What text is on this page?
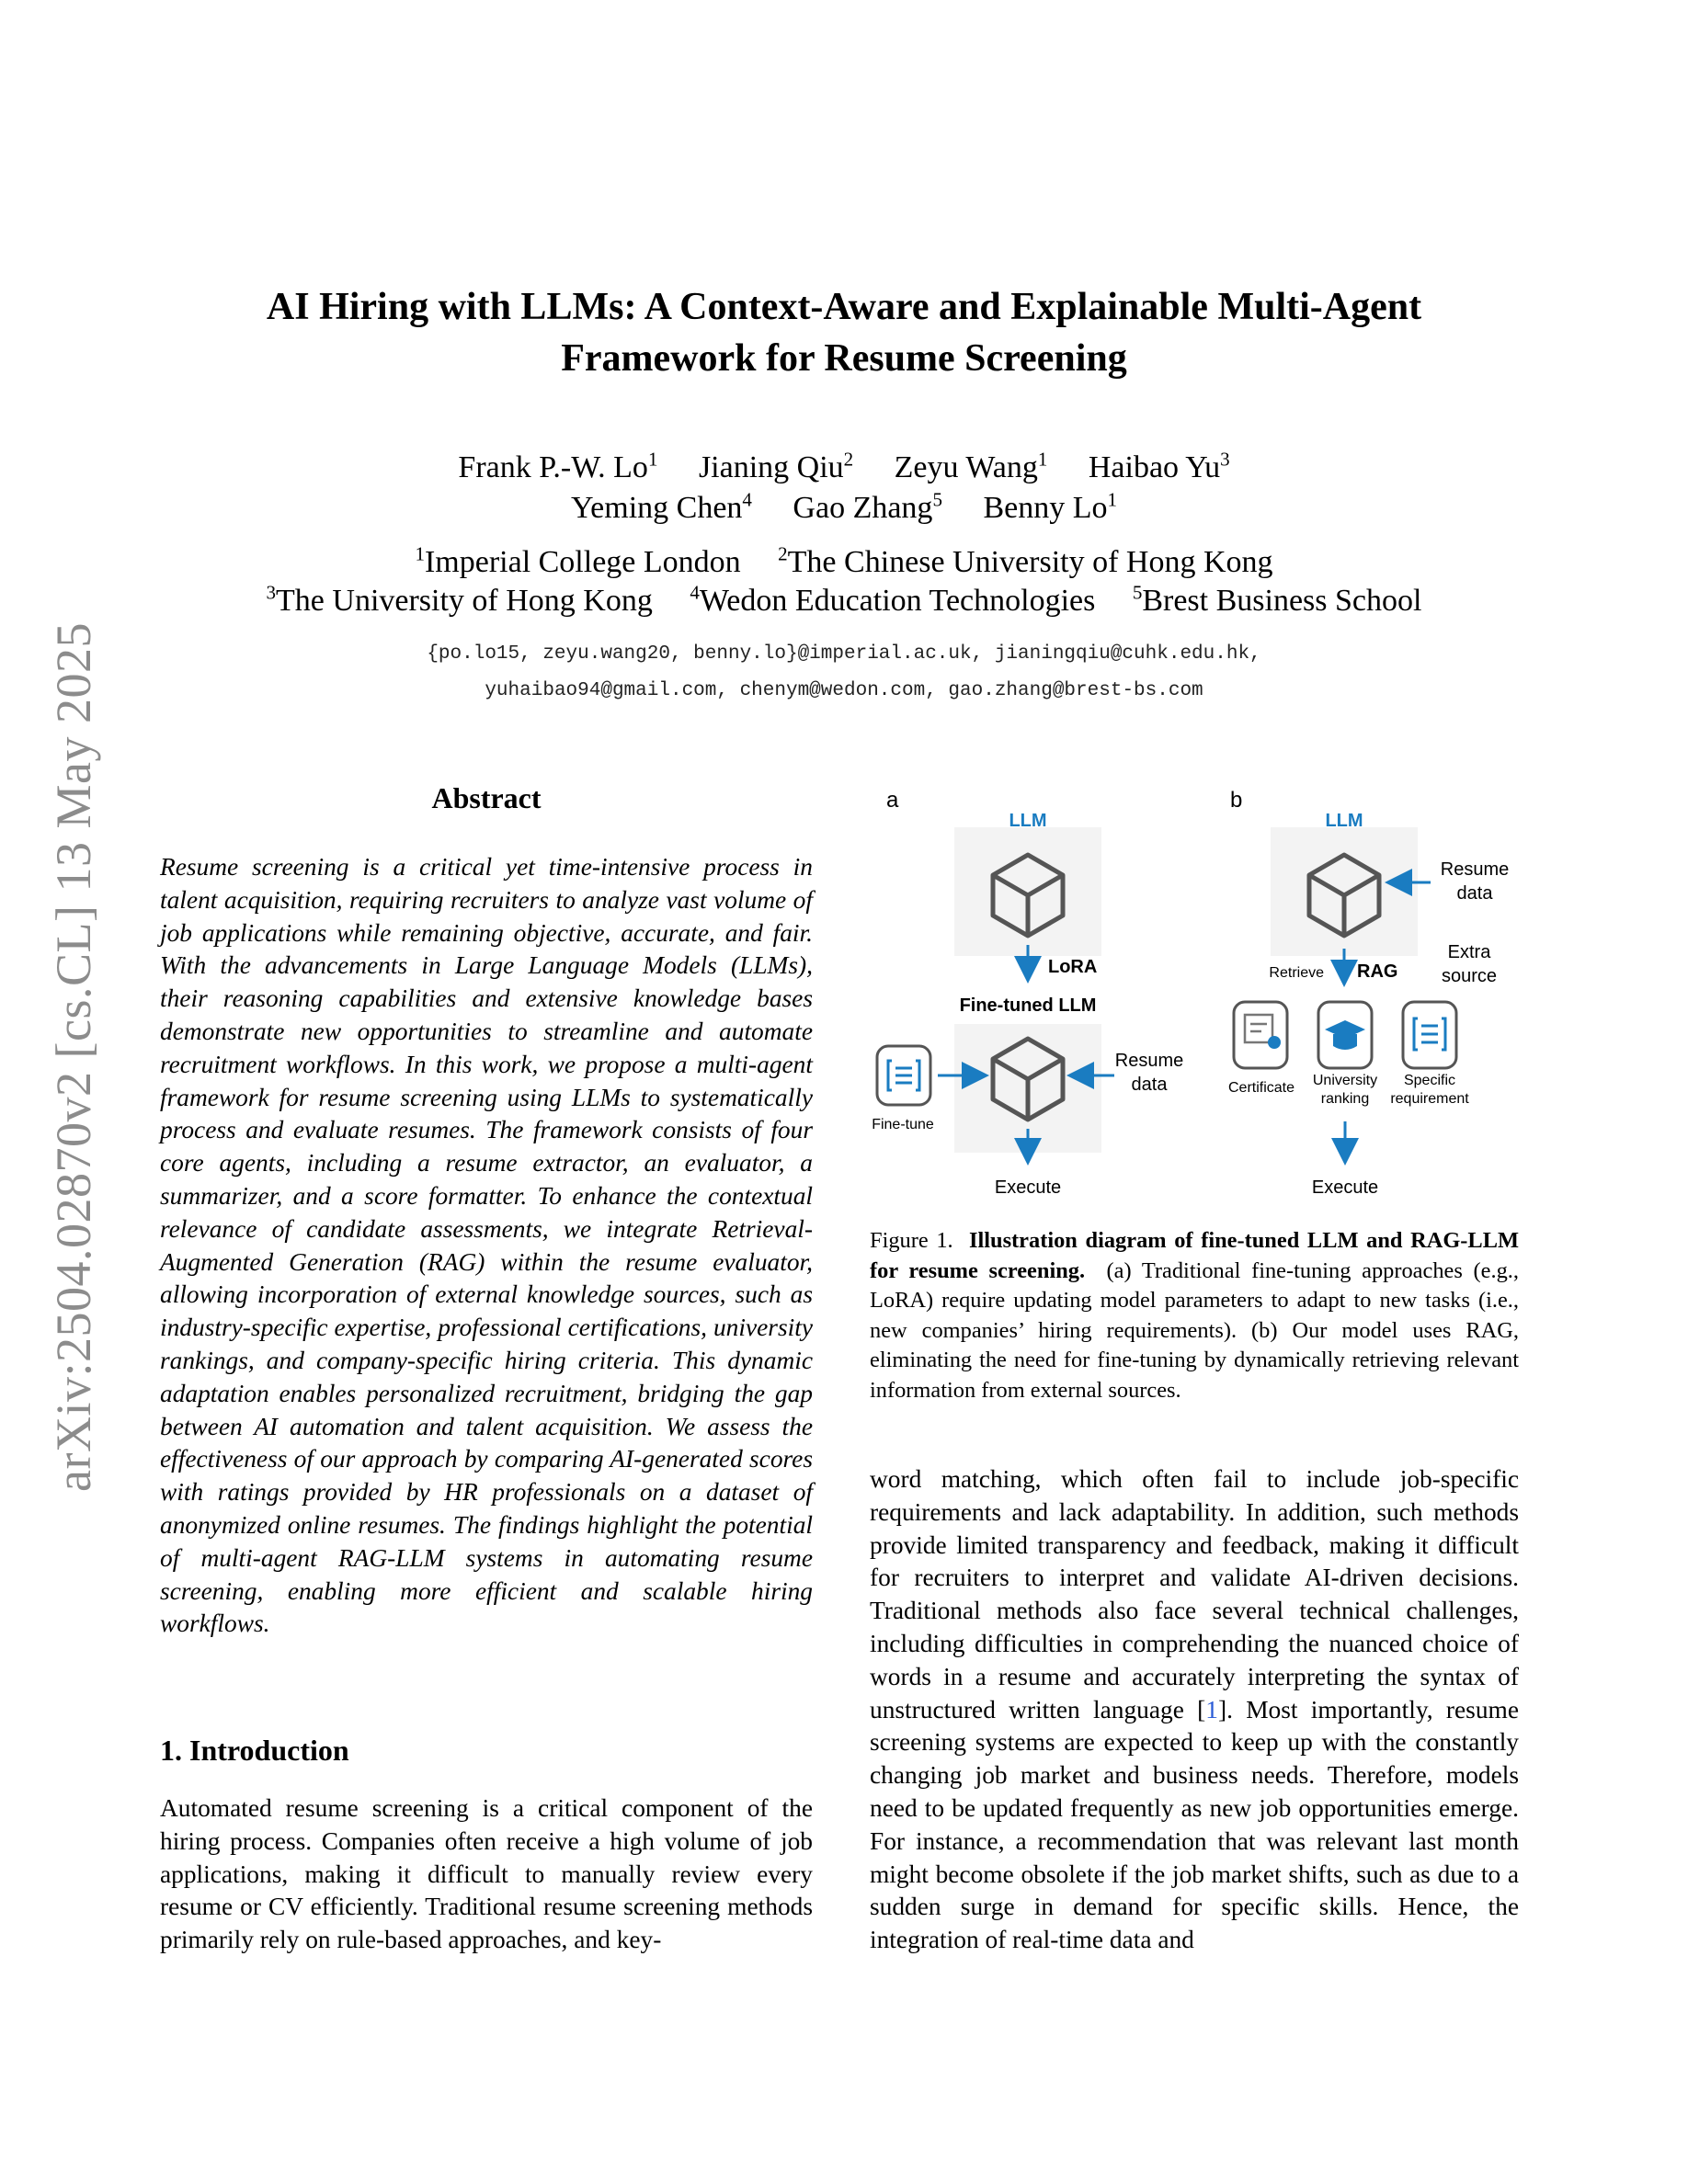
arXiv:2504.02870v2 [cs.CL] 13 May 2025
AI Hiring with LLMs: A Context-Aware and Explainable Multi-Agent
Framework for Resume Screening
Frank P.-W. Lo$^1$ Jianing Qiu$^2$ Zeyu Wang$^1$ Haibao Yu$^3$
Yeming Chen$^4$ Gao Zhang$^5$ Benny Lo$^1$
$^1$Imperial College London $^2$The Chinese University of Hong Kong
$^3$The University of Hong Kong $^4$Wedon Education Technologies $^5$Brest Business School
{po.lo15, zeyu.wang20, benny.lo}@imperial.ac.uk, jianingqiu@cuhk.edu.hk,
yuhaibao94@gmail.com, chenym@wedon.com, gao.zhang@brest-bs.com
Abstract
Resume screening is a critical yet time-intensive process in talent acquisition, requiring recruiters to analyze vast volume of job applications while remaining objective, accurate, and fair. With the advancements in Large Language Models (LLMs), their reasoning capabilities and extensive knowledge bases demonstrate new opportunities to streamline and automate recruitment workflows. In this work, we propose a multi-agent framework for resume screening using LLMs to systematically process and evaluate resumes. The framework consists of four core agents, including a resume extractor, an evaluator, a summarizer, and a score formatter. To enhance the contextual relevance of candidate assessments, we integrate Retrieval-Augmented Generation (RAG) within the resume evaluator, allowing incorporation of external knowledge sources, such as industry-specific expertise, professional certifications, university rankings, and company-specific hiring criteria. This dynamic adaptation enables personalized recruitment, bridging the gap between AI automation and talent acquisition. We assess the effectiveness of our approach by comparing AI-generated scores with ratings provided by HR professionals on a dataset of anonymized online resumes. The findings highlight the potential of multi-agent RAG-LLM systems in automating resume screening, enabling more efficient and scalable hiring workflows.
1. Introduction
Automated resume screening is a critical component of the hiring process. Companies often receive a high volume of job applications, making it difficult to manually review every resume or CV efficiently. Traditional resume screening methods primarily rely on rule-based approaches, and key-
a	b
LLM
LoRA
Fine-tuned LLM
Fine-tune
Resume
data
Execute
LLM
Resume
data
Retrieve RAG
Extra
source
Certificate University
ranking
Specific
requirement
Execute
Figure 1. Illustration diagram of fine-tuned LLM and RAG-LLM for resume screening. (a) Traditional fine-tuning approaches (e.g., LoRA) require updating model parameters to adapt to new tasks (i.e., new companies’ hiring requirements). (b) Our model uses RAG, eliminating the need for fine-tuning by dynamically retrieving relevant information from external sources.
word matching, which often fail to include job-specific requirements and lack adaptability. In addition, such methods provide limited transparency and feedback, making it difficult for recruiters to interpret and validate AI-driven decisions. Traditional methods also face several technical challenges, including difficulties in comprehending the nuanced choice of words in a resume and accurately interpreting the syntax of unstructured written language [1]. Most importantly, resume screening systems are expected to keep up with the constantly changing job market and business needs. Therefore, models need to be updated frequently as new job opportunities emerge. For instance, a recommendation that was relevant last month might become obsolete if the job market shifts, such as due to a sudden surge in demand for specific skills. Hence, the integration of real-time data and
